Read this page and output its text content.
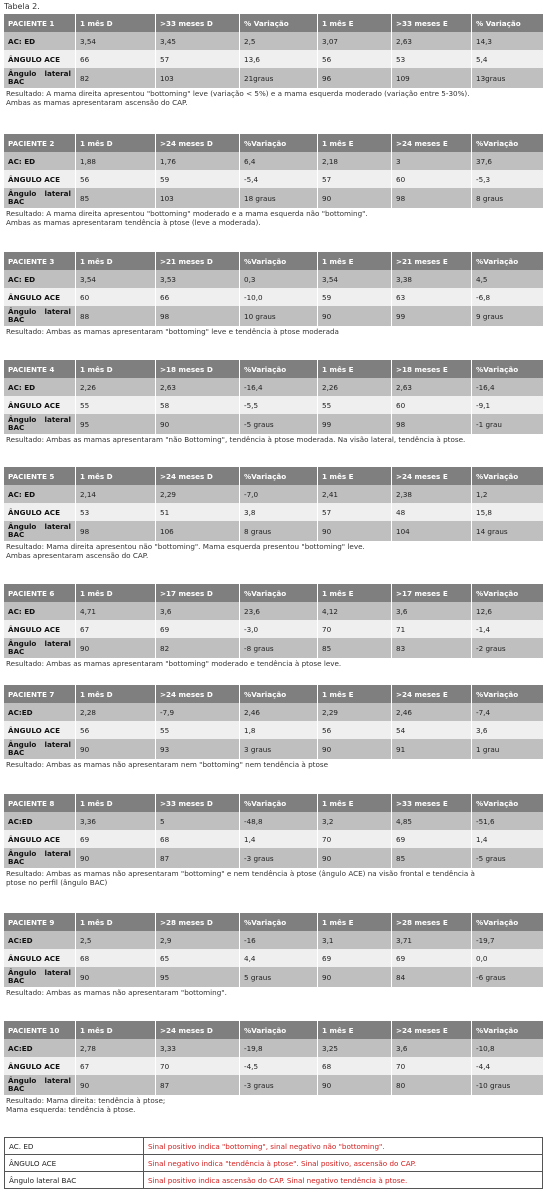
Tabela 2.
PACIENTE 1	1 mês D	>33 meses D	% Variação	1 mês E	>33 meses E	% Variação
AC: ED	3,54	3,45	2,5	3,07	2,63	14,3
ÂNGULO ACE	66	57	13,6	56	53	5,4
Ângulo lateral BAC	82	103	21graus	96	109	13graus
Resultado: A mama direita apresentou "bottoming" leve (variação < 5%) e a mama esquerda moderado (variação entre 5-30%).
Ambas as mamas apresentaram ascensão do CAP.
PACIENTE 2	1 mês D	>24 meses D	%Variação	1 mês E	>24 meses E	%Variação
AC: ED	1,88	1,76	6,4	2,18	3	37,6
ÂNGULO ACE	56	59	-5,4	57	60	-5,3
Ângulo lateral BAC	85	103	18 graus	90	98	8 graus
Resultado: A mama direita apresentou "bottoming" moderado e a mama esquerda não "bottoming".
Ambas as mamas apresentaram tendência à ptose (leve a moderada).
PACIENTE 3	1 mês D	>21 meses D	%Variação	1 mês E	>21 meses E	%Variação
AC: ED	3,54	3,53	0,3	3,54	3,38	4,5
ÂNGULO ACE	60	66	-10,0	59	63	-6,8
Ângulo lateral BAC	88	98	10 graus	90	99	9 graus
Resultado: Ambas as mamas apresentaram "bottoming" leve e tendência à ptose moderada
PACIENTE 4	1 mês D	>18 meses D	%Variação	1 mês E	>18 meses E	%Variação
AC: ED	2,26	2,63	-16,4	2,26	2,63	-16,4
ÂNGULO ACE	55	58	-5,5	55	60	-9,1
Ângulo lateral BAC	95	90	-5 graus	99	98	-1 grau
Resultado: Ambas as mamas apresentaram "não Bottoming", tendência à ptose moderada. Na visão lateral, tendência à ptose.
PACIENTE 5	1 mês D	>24 meses D	%Variação	1 mês E	>24 meses E	%Variação
AC: ED	2,14	2,29	-7,0	2,41	2,38	1,2
ÂNGULO ACE	53	51	3,8	57	48	15,8
Ângulo lateral BAC	98	106	8 graus	90	104	14 graus
Resultado: Mama direita apresentou não "bottoming". Mama esquerda presentou "bottoming" leve.
Ambas apresentaram ascensão do CAP.
PACIENTE 6	1 mês D	>17 meses D	%Variação	1 mês E	>17 meses E	%Variação
AC: ED	4,71	3,6	23,6	4,12	3,6	12,6
ÂNGULO ACE	67	69	-3,0	70	71	-1,4
Ângulo lateral BAC	90	82	-8 graus	85	83	-2 graus
Resultado: Ambas as mamas apresentaram "bottoming" moderado e tendência à ptose leve.
PACIENTE 7	1 mês D	>24 meses D	%Variação	1 mês E	>24 meses E	%Variação
AC:ED	2,28	-7,9	2,46	2,29	2,46	-7,4
ÂNGULO ACE	56	55	1,8	56	54	3,6
Ângulo lateral BAC	90	93	3 graus	90	91	1 grau
Resultado: Ambas as mamas não apresentaram nem "bottoming" nem tendência à ptose
PACIENTE 8	1 mês D	>33 meses D	%Variação	1 mês E	>33 meses E	%Variação
AC:ED	3,36	5	-48,8	3,2	4,85	-51,6
ÂNGULO ACE	69	68	1,4	70	69	1,4
Ângulo lateral BAC	90	87	-3 graus	90	85	-5 graus
Resultado: Ambas as mamas não apresentaram "bottoming" e nem tendência à ptose (ângulo ACE) na visão frontal e tendência à
ptose no perfil (ângulo BAC)
PACIENTE 9	1 mês D	>28 meses D	%Variação	1 mês E	>28 meses E	%Variação
AC:ED	2,5	2,9	-16	3,1	3,71	-19,7
ÂNGULO ACE	68	65	4,4	69	69	0,0
Ângulo lateral BAC	90	95	5 graus	90	84	-6 graus
Resultado: Ambas as mamas não apresentaram "bottoming".
PACIENTE 10	1 mês D	>24 meses D	%Variação	1 mês E	>24 meses E	%Variação
AC:ED	2,78	3,33	-19,8	3,25	3,6	-10,8
ÂNGULO ACE	67	70	-4,5	68	70	-4,4
Ângulo lateral BAC	90	87	-3 graus	90	80	-10 graus
Resultado: Mama direita: tendência à ptose;
Mama esquerda: tendência à ptose.
AC. ED	Sinal positivo indica "bottoming", sinal negativo não "bottoming".
ÂNGULO ACE	Sinal negativo indica "tendência à ptose". Sinal positivo, ascensão do CAP.
Ângulo lateral BAC	Sinal positivo indica ascensão do CAP. Sinal negativo tendência à ptose.
